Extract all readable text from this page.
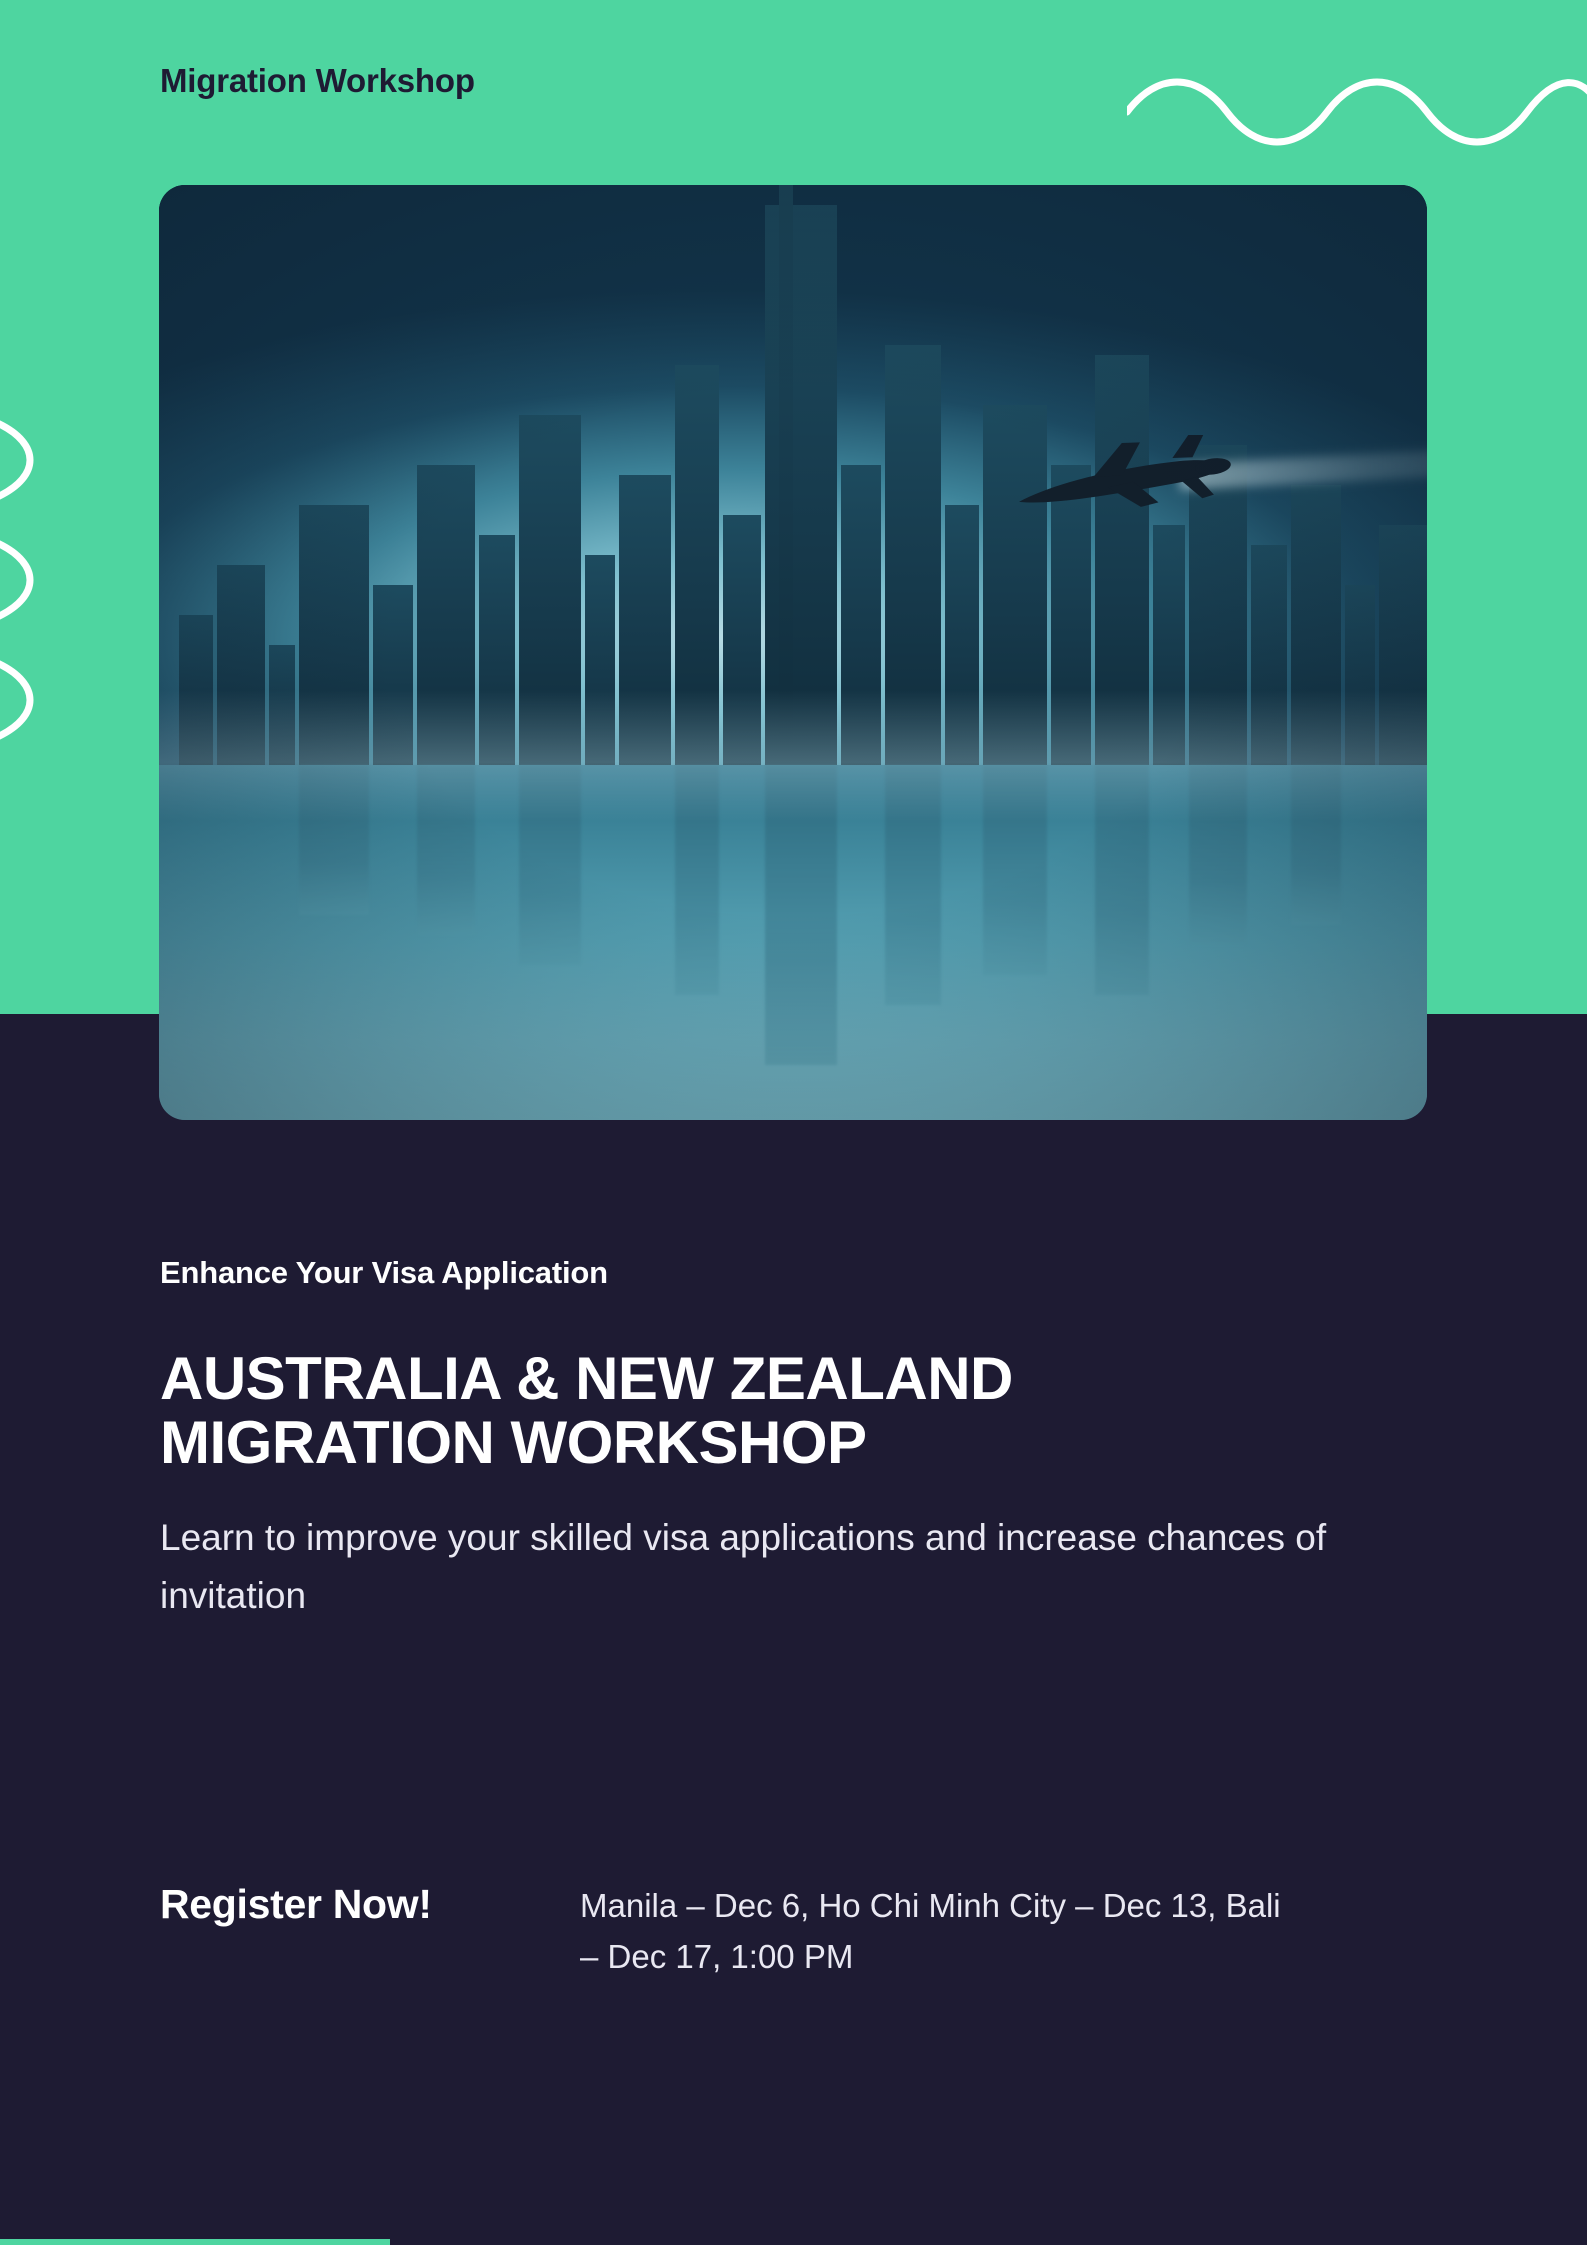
Migration Workshop
Enhance Your Visa Application
AUSTRALIA & NEW ZEALAND MIGRATION WORKSHOP

Learn to improve your skilled visa applications and increase chances of invitation

Register Now!	Manila – Dec 6, Ho Chi Minh City – Dec 13, Bali – Dec 17, 1:00 PM
